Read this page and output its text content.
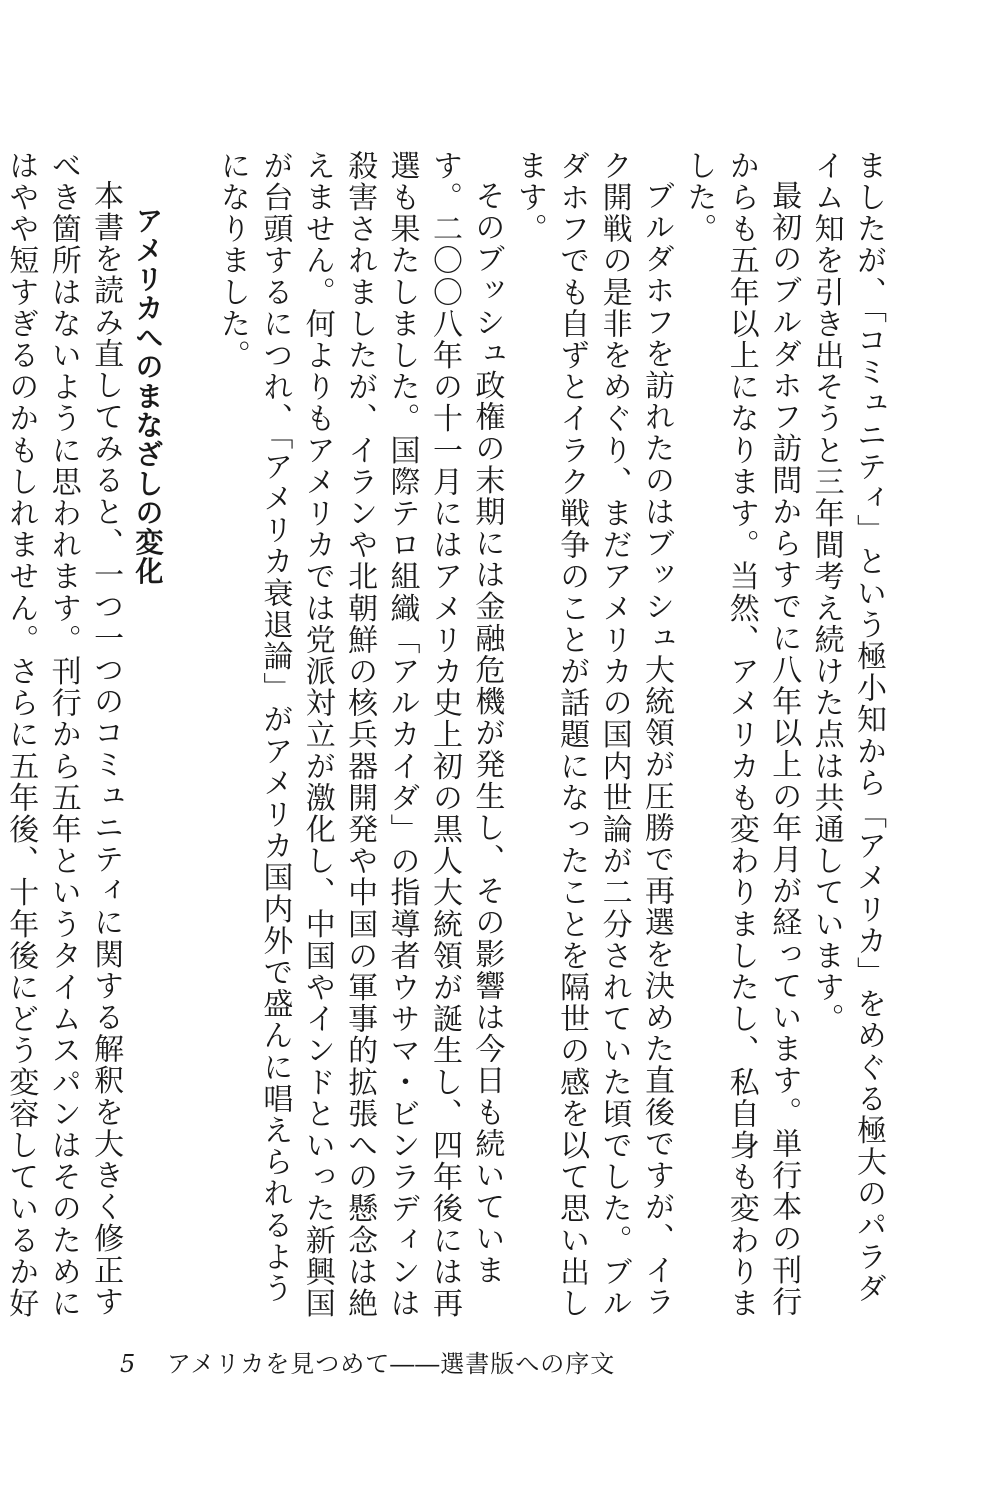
ましたが、「コミュニティ」という極小知から「アメリカ」をめぐる極大のパラダイム知を引き出そうと三年間考え続けた点は共通しています。

最初のブルダホフ訪問からすでに八年以上の年月が経っています。単行本の刊行からも五年以上になります。当然、アメリカも変わりましたし、私自身も変わりました。

ブルダホフを訪れたのはブッシュ大統領が圧勝で再選を決めた直後ですが、イラク開戦の是非をめぐり、まだアメリカの国内世論が二分されていた頃でした。ブルダホフでも自ずとイラク戦争のことが話題になったことを隔世の感を以て思い出します。

そのブッシュ政権の末期には金融危機が発生し、その影響は今日も続いています。二〇〇八年の十一月にはアメリカ史上初の黒人大統領が誕生し、四年後には再選も果たしました。国際テロ組織「アルカイダ」の指導者ウサマ・ビンラディンは殺害されましたが、イランや北朝鮮の核兵器開発や中国の軍事的拡張への懸念は絶えません。何よりもアメリカでは党派対立が激化し、中国やインドといった新興国が台頭するにつれ、「アメリカ衰退論」がアメリカ国内外で盛んに唱えられるようになりました。

アメリカへのまなざしの変化

本書を読み直してみると、一つ一つのコミュニティに関する解釈を大きく修正すべき箇所はないように思われます。刊行から五年というタイムスパンはそのためにはやや短すぎるのかもしれません。さらに五年後、十年後にどう変容しているか好

5 アメリカを見つめて――選書版への序文
